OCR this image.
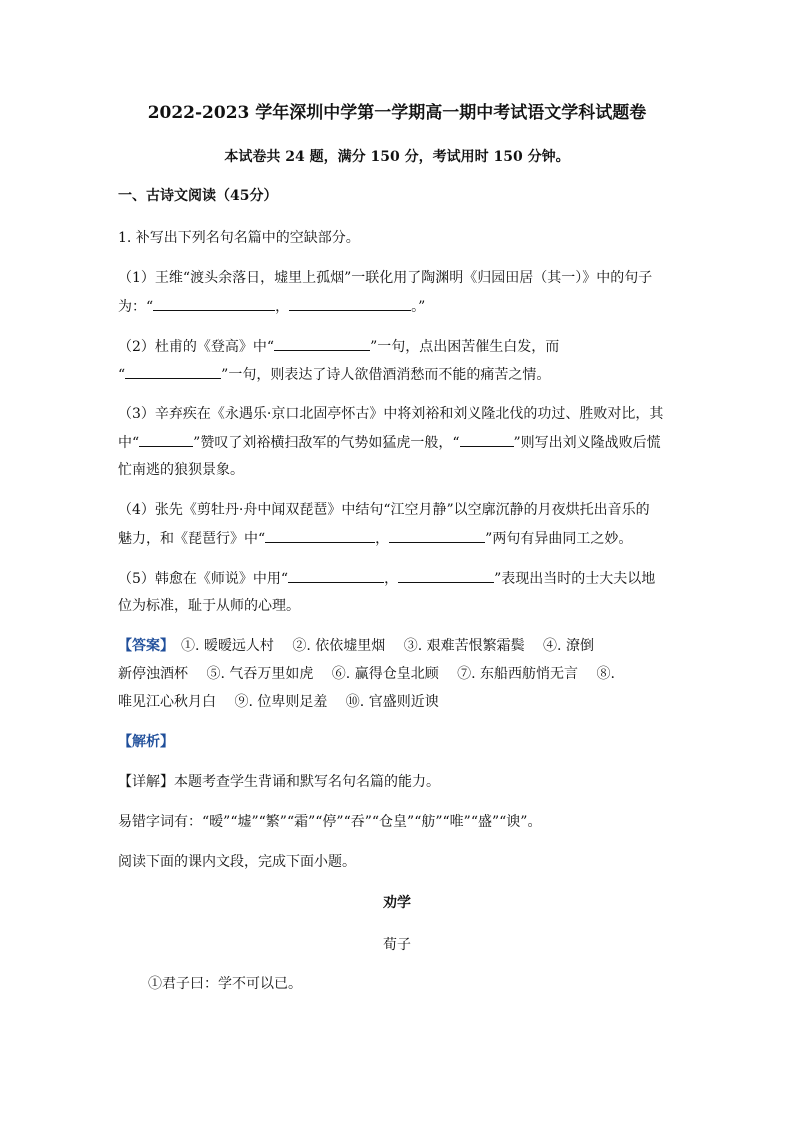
2022-2023 学年深圳中学第一学期高一期中考试语文学科试题卷
本试卷共 24 题，满分 150 分，考试用时 150 分钟。
一、古诗文阅读（45分）
1. 补写出下列名句名篇中的空缺部分。
（1）王维“渡头余落日，墟里上孤烟”一联化用了陶渊明《归园田居（其一）》中的句子
为：“	，	。”
（2）杜甫的《登高》中“	”一句，点出困苦催生白发，而
“	”一句，则表达了诗人欲借酒消愁而不能的痛苦之情。
（3）辛弃疾在《永遇乐·京口北固亭怀古》中将刘裕和刘义隆北伐的功过、胜败对比，其
中“	”赞叹了刘裕横扫敌军的气势如猛虎一般，“	”则写出刘义隆战败后慌
忙南逃的狼狈景象。
（4）张先《剪牡丹·舟中闻双琵琶》中结句“江空月静”以空廓沉静的月夜烘托出音乐的
魅力，和《琵琶行》中“	，	”两句有异曲同工之妙。
（5）韩愈在《师说》中用“	，	”表现出当时的士大夫以地
位为标准，耻于从师的心理。
【答案】　 ①. 暧暧远人村　 ②. 依依墟里烟　 ③. 艰难苦恨繁霜鬓　 ④. 潦倒
新停浊酒杯　 ⑤. 气吞万里如虎　 ⑥. 赢得仓皇北顾　 ⑦. 东船西舫悄无言　 ⑧.
唯见江心秋月白　 ⑨. 位卑则足羞　 ⑩. 官盛则近谀
【解析】
【详解】本题考查学生背诵和默写名句名篇的能力。
易错字词有：“暧”“墟”“繁”“霜”“停”“吞”“仓皇”“舫”“唯”“盛”“谀”。
阅读下面的课内文段，完成下面小题。
劝学
荀子
①君子曰：学不可以已。
